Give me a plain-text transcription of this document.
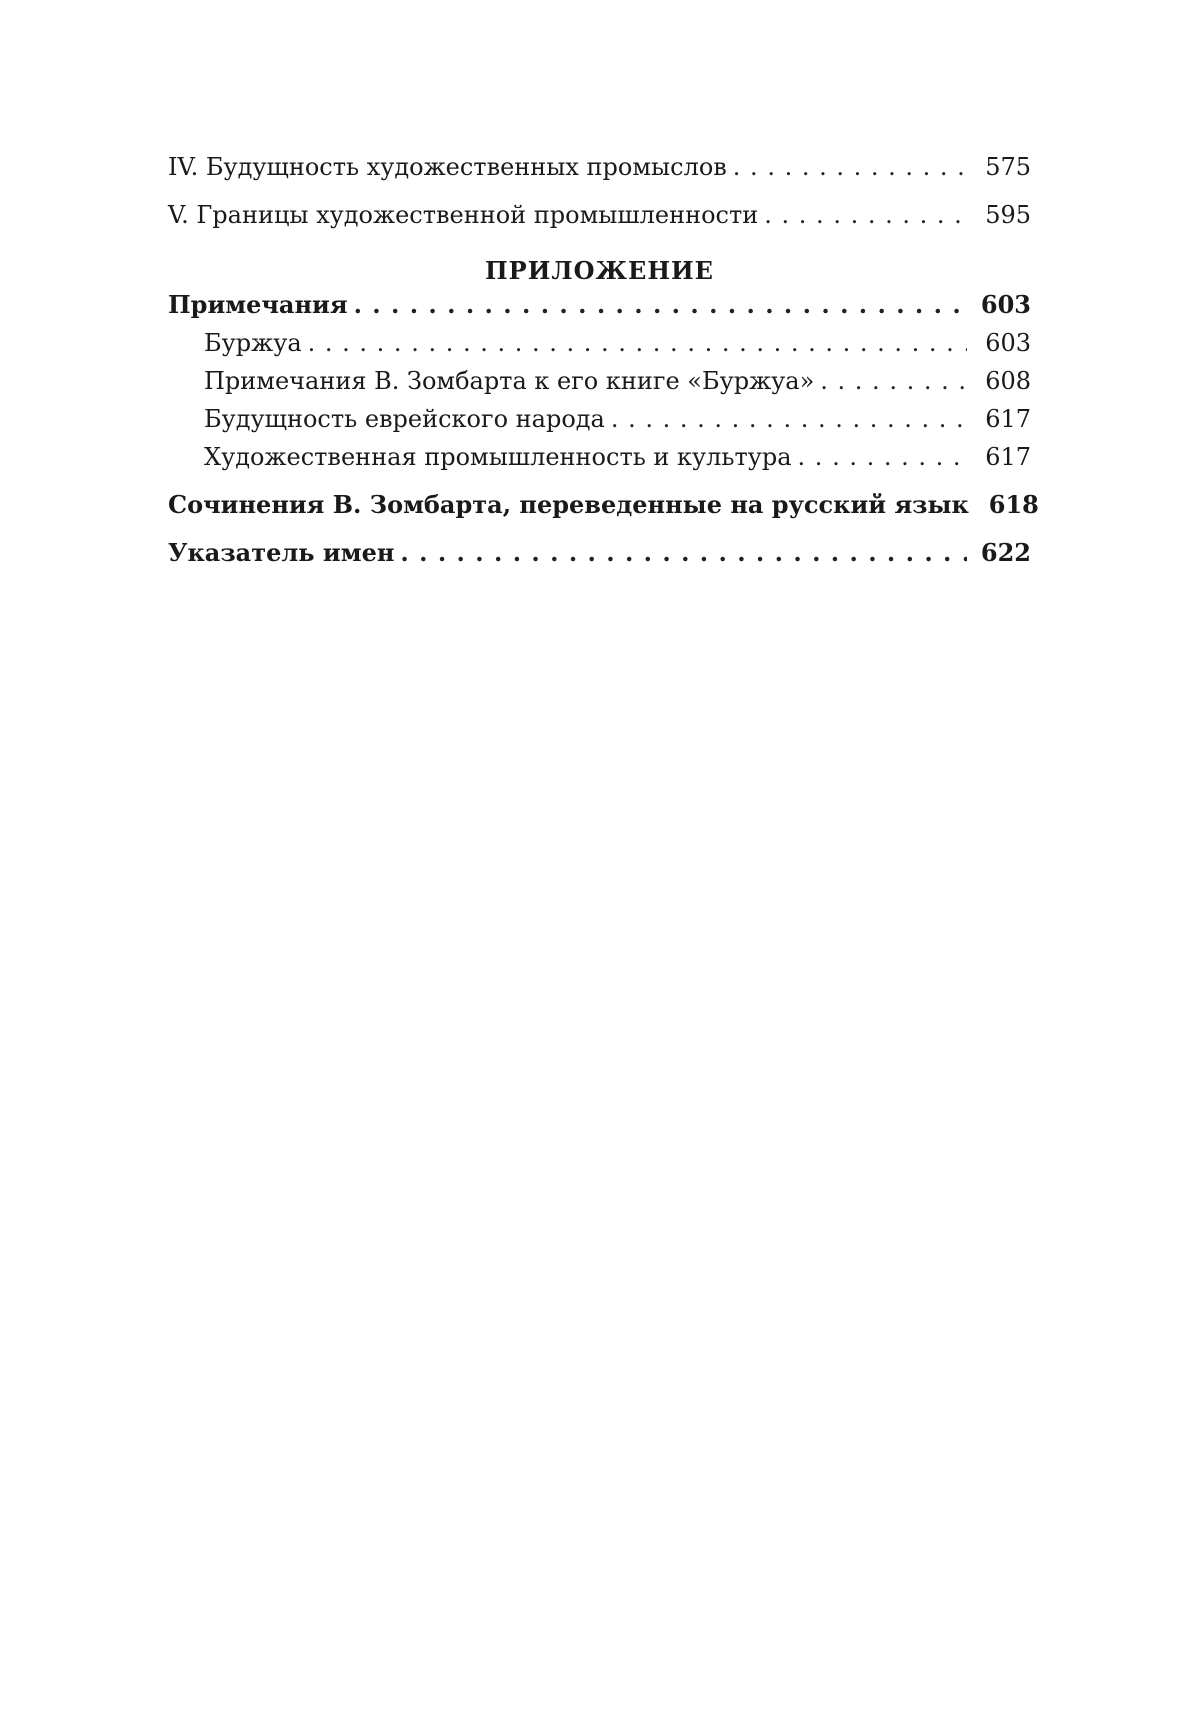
IV. Будущность художественных промыслов . . .	575
V. Границы художественной промышленности . . .	595
ПРИЛОЖЕНИЕ
Примечания . . .	603
Буржуа . . .	603
Примечания В. Зомбарта к его книге «Буржуа» . . .	608
Будущность еврейского народа . . .	617
Художественная промышленность и культура . . .	617
Сочинения В. Зомбарта, переведенные на русский язык 618
Указатель имен . . .	622
